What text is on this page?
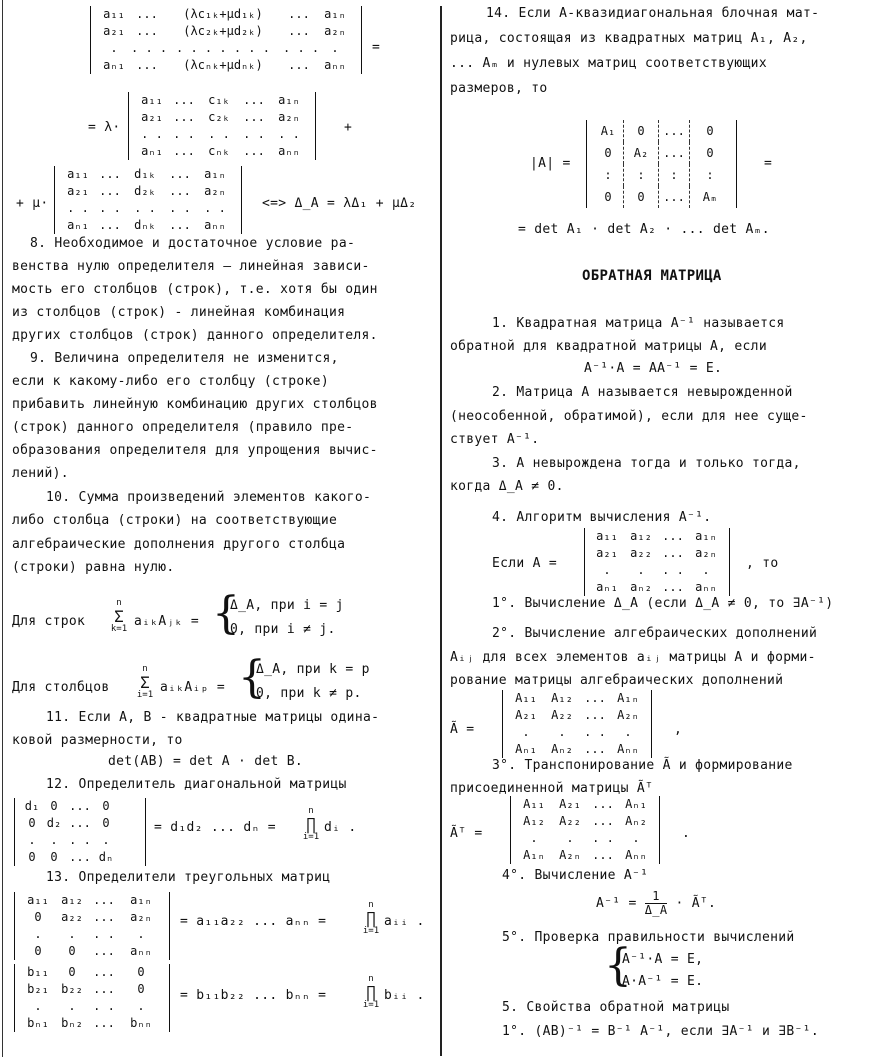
a₁₁ ...	(λc₁ₖ+μd₁ₖ)	...	a₁ₙ
a₂₁ ...	(λc₂ₖ+μd₂ₖ)	...	a₂ₙ
.	. . . . . . . . . .	. . .	.
aₙ₁ ...	(λcₙₖ+μdₙₖ)	...	aₙₙ
=
= λ·
a₁₁ ...	c₁ₖ	...	a₁ₙ
a₂₁ ...	c₂ₖ	...	a₂ₙ
. . . .	. .	. .	. .
aₙ₁ ...	cₙₖ	...	aₙₙ
+
+ μ·
a₁₁ ...	d₁ₖ	...	a₁ₙ
a₂₁ ...	d₂ₖ	...	a₂ₙ
. . . .	. .	. .	. .
aₙ₁ ...	dₙₖ	...	aₙₙ
<=> Δ_A = λΔ₁ + μΔ₂
8. Необходимое и достаточное условие ра-
венства нулю определителя — линейная зависи-
мость его столбцов (строк), т.е. хотя бы один
из столбцов (строк) - линейная комбинация
других столбцов (строк) данного определителя.
9. Величина определителя не изменится,
если к какому-либо его столбцу (строке)
прибавить линейную комбинацию других столбцов
(строк) данного определителя (правило пре-
образования определителя для упрощения вычис-
лений).
10. Сумма произведений элементов какого-
либо столбца (строки) на соответствующие
алгебраические дополнения другого столбца
(строки) равна нулю.
Для строк
n
Σ
k=1 aᵢₖAⱼₖ = {
Δ_A, при i = j
0, при i ≠ j.
Для столбцов
n
Σ
i=1 aᵢₖAᵢₚ = {
Δ_A, при k = p
0, при k ≠ p.
11. Если А, В - квадратные матрицы одина-
ковой размерности, то
det(AB) = det A · det B.
12. Определитель диагональной матрицы
d₁ 0 ... 0
0 d₂ ... 0
.	. . . .
0	0 ... dₙ
= d₁d₂ ... dₙ =
n
∏
i=1
dᵢ .
13. Определители треугольных матриц
a₁₁	a₁₂ ...	a₁ₙ
0	a₂₂ ...	a₂ₙ
.	.	. .	.
0	0	...	aₙₙ
= a₁₁a₂₂ ... aₙₙ =
n
∏
i=1
aᵢᵢ .
b₁₁	0	...	0
b₂₁	b₂₂ ...	0
.	.	. .	.
bₙ₁	bₙ₂ ...	bₙₙ
= b₁₁b₂₂ ... bₙₙ =
n
∏
i=1
bᵢᵢ .
14. Если А-квазидиагональная блочная мат-
рица, состоящая из квадратных матриц A₁, A₂,
... Aₘ и нулевых матриц соответствующих
размеров, то
|A| =
A₁	0	...	0
0	A₂	...	0
:	:	:	:
0	0	...	Aₘ
=
= det A₁ · det A₂ · ... det Aₘ.
ОБРАТНАЯ МАТРИЦА
1. Квадратная матрица A⁻¹ называется
обратной для квадратной матрицы А, если
A⁻¹·A = AA⁻¹ = E.
2. Матрица А называется невырожденной
(неособенной, обратимой), если для нее суще-
ствует A⁻¹.
3. А невырождена тогда и только тогда,
когда Δ_A ≠ 0.
4. Алгоритм вычисления A⁻¹.
Если А =
a₁₁	a₁₂ ... a₁ₙ
a₂₁	a₂₂ ... a₂ₙ
.	.	. .	.
aₙ₁	aₙ₂ ... aₙₙ
, то
1°. Вычисление Δ_A (если Δ_A ≠ 0, то ∃A⁻¹)
2°. Вычисление алгебраических дополнений
Aᵢⱼ для всех элементов aᵢⱼ матрицы А и форми-
рование матрицы алгебраических дополнений
Ã =
A₁₁	A₁₂ ... A₁ₙ
A₂₁	A₂₂ ... A₂ₙ
.	.	. .	.
Aₙ₁	Aₙ₂ ... Aₙₙ
,
3°. Транспонирование Ã и формирование
присоединенной матрицы Ãᵀ
Ãᵀ =
A₁₁	A₂₁ ... Aₙ₁
A₁₂	A₂₂ ... Aₙ₂
.	.	. .	.
A₁ₙ	A₂ₙ ... Aₙₙ
.
4°. Вычисление A⁻¹
$A^{-1} = \frac{1}{\Delta\_A}$ · Ãᵀ.
5°. Проверка правильности вычислений
{
A⁻¹·A = E,
A·A⁻¹ = E.
5. Свойства обратной матрицы
1°. (AB)⁻¹ = B⁻¹ A⁻¹, если ∃A⁻¹ и ∃B⁻¹.
